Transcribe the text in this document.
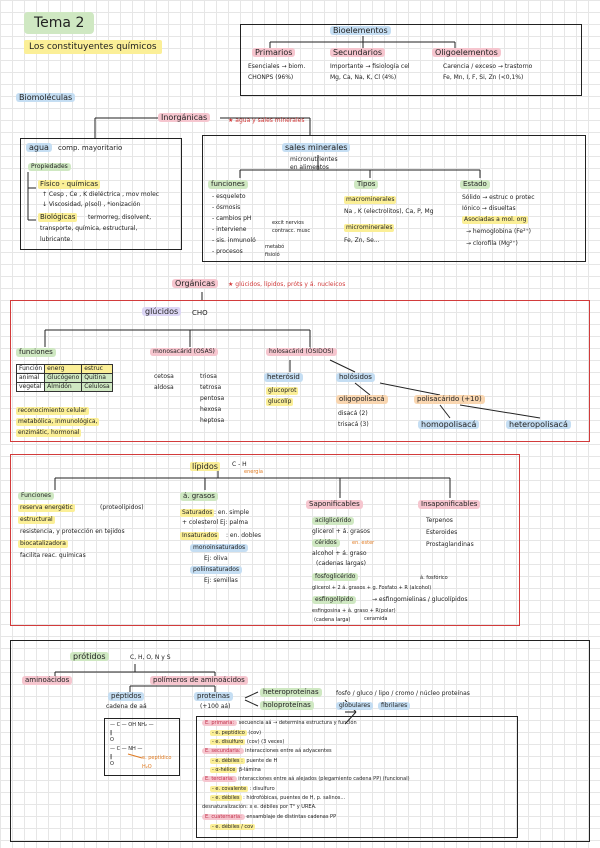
Tema 2
Los constituyentes químicos
Bioelementos
Primarios
Esenciales → biom.
CHONPS (96%)
Secundarios
Importante → fisiología cel
Mg, Ca, Na, K, Cl (4%)
Oligoelementos
Carencia / exceso → trastorno
Fe, Mn, I, F, Si, Zn (<0,1%)
Biomoléculas
Inorgánicas	★ agua y sales minerales
agua	comp. mayoritario
Propiedades
Físico - químicas
↑ Cesp , Ce , K dieléctrica , mov molec
↓ Viscosidad, ρ(sol) , *ionización
Biológicas	termorreg, disolvent,
transporte, química, estructural,
lubricante.
sales minerales
micronutrientes
en alimentos
funciones
- esqueleto
- ósmosis
- cambios pH
- interviene
- sis. inmunoló
- procesos
excit nervios
contracc. musc
metabó
fisioló
Tipos
macrominerales
Na , K (electrolitos), Ca, P, Mg
microminerales
Fe, Zn, Se...
Estado
Sólido → estruc o protec
Iónico → disueltas
Asociadas a mol. org
→ hemoglobina (Fe²⁺)
→ clorofila (Mg²⁺)
Orgánicas	★ glúcidos, lípidos, próts y á. nucleicos
glúcidos	CHO
funciones
Función	energ	estruc
animal	Glucógeno	Quitina
vegetal	Almidón	Celulosa
reconocimiento celular
metabólica, inmunológica,
enzimátic, hormonal
monosacárid (OSAS)
cetosa
aldosa
triosa
tetrosa
pentosa
hexosa
heptosa
holosacárid (ÓSIDOS)
heterósid
glucoprot
glucolíp
holósidos
oligopolisacá
disacá (2)
trisacá (3)
polisacárido (+10)
homopolisacá	heteropolisacá
lípidos	C - H
energía
Funciones
reserva energétic	(proteolípidos)
estructural
resistencia, y protección en tejidos
biocatalizadora
facilita reac. químicas
á. grasos
Saturados : en. simple
+ colesterol Ej: palma
Insaturados	: en. dobles
monoinsaturados
Ej: oliva
poliinsaturados
Ej: semillas
Saponificables
acilglicérido
glicerol + á. grasos
céridos	en. ester
alcohol + á. graso
(cadenas largas)
fosfoglicérido	á. fosfórico
glicerol + 2 á. grasos + g. Fosfato + R (alcohol)
esfingolípido	→ esfingomielinas / glucolípidos
esfingosina + á. graso + R(polar)
(cadena larga)	ceramida
Insaponificables
Terpenos
Esteroides
Prostaglandinas
prótidos	C, H, O, N y S
aminoácidos	polímeros de aminoácidos
péptidos
cadena de aá
proteínas
(+100 aá)
heteroproteínas	fosfo / gluco / lipo / cromo / núcleo proteínas
holoproteínas	globulares	fibrilares
— C — OH NH₂ —
‖
O
— C — NH —
‖
O
e. peptídico
H₂O
E. primaria: secuencia aá → determina estructura y función
- e. peptídico (cov)
- e. disulfuro (cov) (3 veces)
E. secundaria: interacciones entre aá adyacentes
- e. débiles : puente de H
- α-hélice β-lámina
E. terciaria: interacciones entre aá alejados (plegamiento cadena PP) (funcional)
- e. covalente : disulfuro
- e. débiles : hidrofóbicas, puentes de H, p. salinos...
desnaturalización: x e. débiles por T° y UREA.
E. cuaternaria: ensamblaje de distintas cadenas PP
- e. débiles / cov
